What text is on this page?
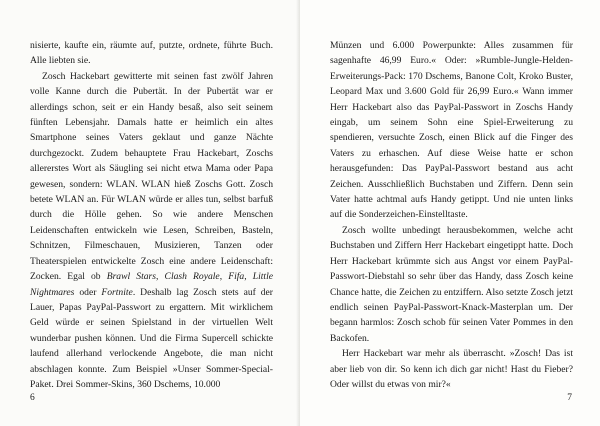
nisierte, kaufte ein, räumte auf, putzte, ordnete, führte Buch. Alle liebten sie.

Zosch Hackebart gewitterte mit seinen fast zwölf Jahren volle Kanne durch die Pubertät. In der Pubertät war er allerdings schon, seit er ein Handy besaß, also seit seinem fünften Lebensjahr. Damals hatte er heimlich ein altes Smartphone seines Vaters geklaut und ganze Nächte durchgezockt. Zudem behauptete Frau Hackebart, Zoschs allererstes Wort als Säugling sei nicht etwa Mama oder Papa gewesen, sondern: WLAN. WLAN hieß Zoschs Gott. Zosch betete WLAN an. Für WLAN würde er alles tun, selbst barfuß durch die Hölle gehen. So wie andere Menschen Leidenschaften entwickeln wie Lesen, Schreiben, Basteln, Schnitzen, Filmeschauen, Musizieren, Tanzen oder Theaterspielen entwickelte Zosch eine andere Leidenschaft: Zocken. Egal ob Brawl Stars, Clash Royale, Fifa, Little Nightmares oder Fortnite. Deshalb lag Zosch stets auf der Lauer, Papas PayPal-Passwort zu ergattern. Mit wirklichem Geld würde er seinen Spielstand in der virtuellen Welt wunderbar pushen können. Und die Firma Supercell schickte laufend allerhand verlockende Angebote, die man nicht abschlagen konnte. Zum Beispiel »Unser Sommer-Special-Paket. Drei Sommer-Skins, 360 Dschems, 10.000

6

Münzen und 6.000 Powerpunkte: Alles zusammen für sagenhafte 46,99 Euro.« Oder: »Rumble-Jungle-Helden-Erweiterungs-Pack: 170 Dschems, Banone Colt, Kroko Buster, Leopard Max und 3.600 Gold für 26,99 Euro.« Wann immer Herr Hackebart also das PayPal-Passwort in Zoschs Handy eingab, um seinem Sohn eine Spiel-Erweiterung zu spendieren, versuchte Zosch, einen Blick auf die Finger des Vaters zu erhaschen. Auf diese Weise hatte er schon herausgefunden: Das PayPal-Passwort bestand aus acht Zeichen. Ausschließlich Buchstaben und Ziffern. Denn sein Vater hatte achtmal aufs Handy getippt. Und nie unten links auf die Sonderzeichen-Einstelltaste.

Zosch wollte unbedingt herausbekommen, welche acht Buchstaben und Ziffern Herr Hackebart eingetippt hatte. Doch Herr Hackebart krümmte sich aus Angst vor einem PayPal-Passwort-Diebstahl so sehr über das Handy, dass Zosch keine Chance hatte, die Zeichen zu entziffern. Also setzte Zosch jetzt endlich seinen PayPal-Passwort-Knack-Masterplan um. Der begann harmlos: Zosch schob für seinen Vater Pommes in den Backofen.

Herr Hackebart war mehr als überrascht. »Zosch! Das ist aber lieb von dir. So kenn ich dich gar nicht! Hast du Fieber? Oder willst du etwas von mir?«

7
